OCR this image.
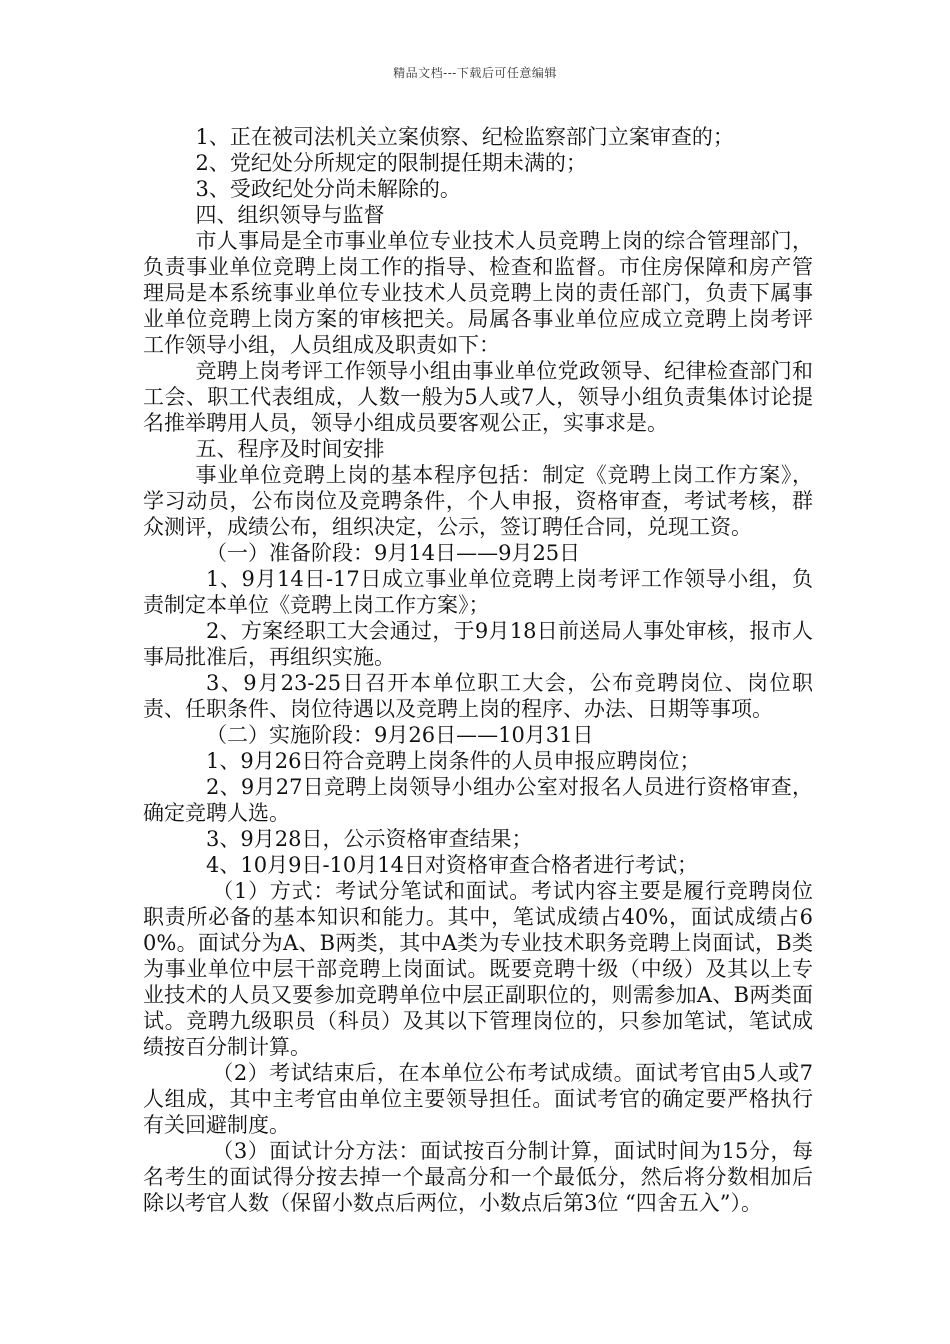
精品文档---下载后可任意编辑

1、正在被司法机关立案侦察、纪检监察部门立案审查的；

2、党纪处分所规定的限制提任期未满的；

3、受政纪处分尚未解除的。

四、组织领导与监督

市人事局是全市事业单位专业技术人员竞聘上岗的综合管理部门，负责事业单位竞聘上岗工作的指导、检查和监督。市住房保障和房产管理局是本系统事业单位专业技术人员竞聘上岗的责任部门，负责下属事业单位竞聘上岗方案的审核把关。局属各事业单位应成立竞聘上岗考评工作领导小组，人员组成及职责如下：

竞聘上岗考评工作领导小组由事业单位党政领导、纪律检查部门和工会、职工代表组成，人数一般为5人或7人，领导小组负责集体讨论提名推举聘用人员，领导小组成员要客观公正，实事求是。

五、程序及时间安排

事业单位竞聘上岗的基本程序包括：制定《竞聘上岗工作方案》，学习动员，公布岗位及竞聘条件，个人申报，资格审查，考试考核，群众测评，成绩公布，组织决定，公示，签订聘任合同，兑现工资。

（一）准备阶段：9月14日——9月25日

1、9月14日-17日成立事业单位竞聘上岗考评工作领导小组，负责制定本单位《竞聘上岗工作方案》；

2、方案经职工大会通过，于9月18日前送局人事处审核，报市人事局批准后，再组织实施。

3、9月23-25日召开本单位职工大会，公布竞聘岗位、岗位职责、任职条件、岗位待遇以及竞聘上岗的程序、办法、日期等事项。

（二）实施阶段：9月26日——10月31日

1、9月26日符合竞聘上岗条件的人员申报应聘岗位；

2、9月27日竞聘上岗领导小组办公室对报名人员进行资格审查，确定竞聘人选。

3、9月28日，公示资格审查结果；

4、10月9日-10月14日对资格审查合格者进行考试；

（1）方式：考试分笔试和面试。考试内容主要是履行竞聘岗位职责所必备的基本知识和能力。其中，笔试成绩占40%，面试成绩占60%。面试分为A、B两类，其中A类为专业技术职务竞聘上岗面试，B类为事业单位中层干部竞聘上岗面试。既要竞聘十级（中级）及其以上专业技术的人员又要参加竞聘单位中层正副职位的，则需参加A、B两类面试。竞聘九级职员（科员）及其以下管理岗位的，只参加笔试，笔试成绩按百分制计算。

（2）考试结束后，在本单位公布考试成绩。面试考官由5人或7人组成，其中主考官由单位主要领导担任。面试考官的确定要严格执行有关回避制度。

（3）面试计分方法：面试按百分制计算，面试时间为15分，每名考生的面试得分按去掉一个最高分和一个最低分，然后将分数相加后除以考官人数（保留小数点后两位，小数点后第3位 “四舍五入”）。
